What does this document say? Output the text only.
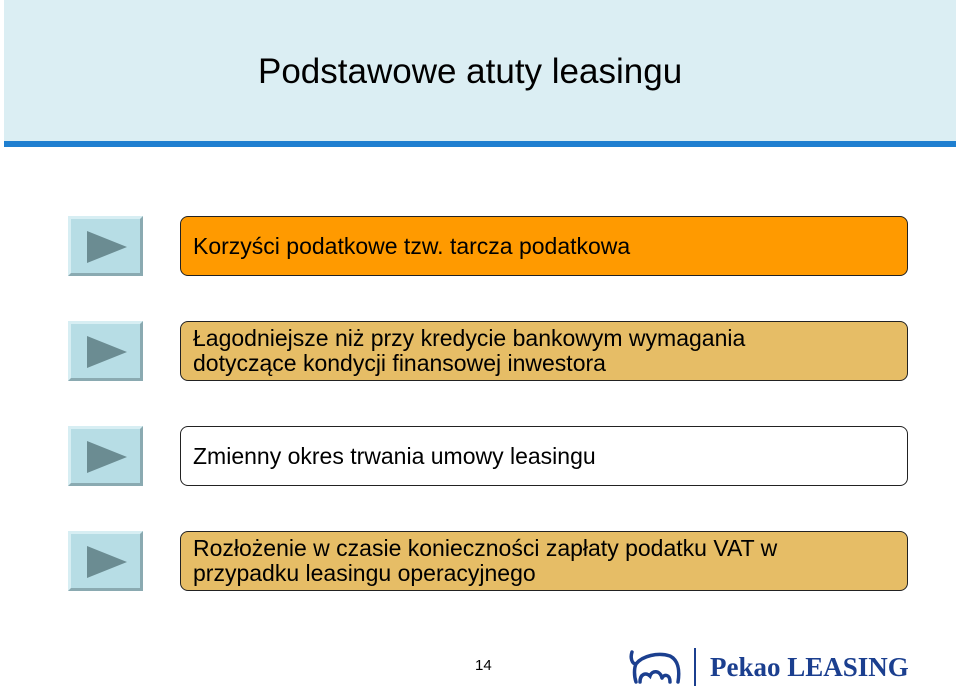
Podstawowe atuty leasingu
Korzyści podatkowe tzw. tarcza podatkowa
Łagodniejsze niż przy kredycie bankowym wymagania
dotyczące kondycji finansowej inwestora
Zmienny okres trwania umowy leasingu
Rozłożenie w czasie konieczności zapłaty podatku VAT w
przypadku leasingu operacyjnego
14	Pekao LEASING
